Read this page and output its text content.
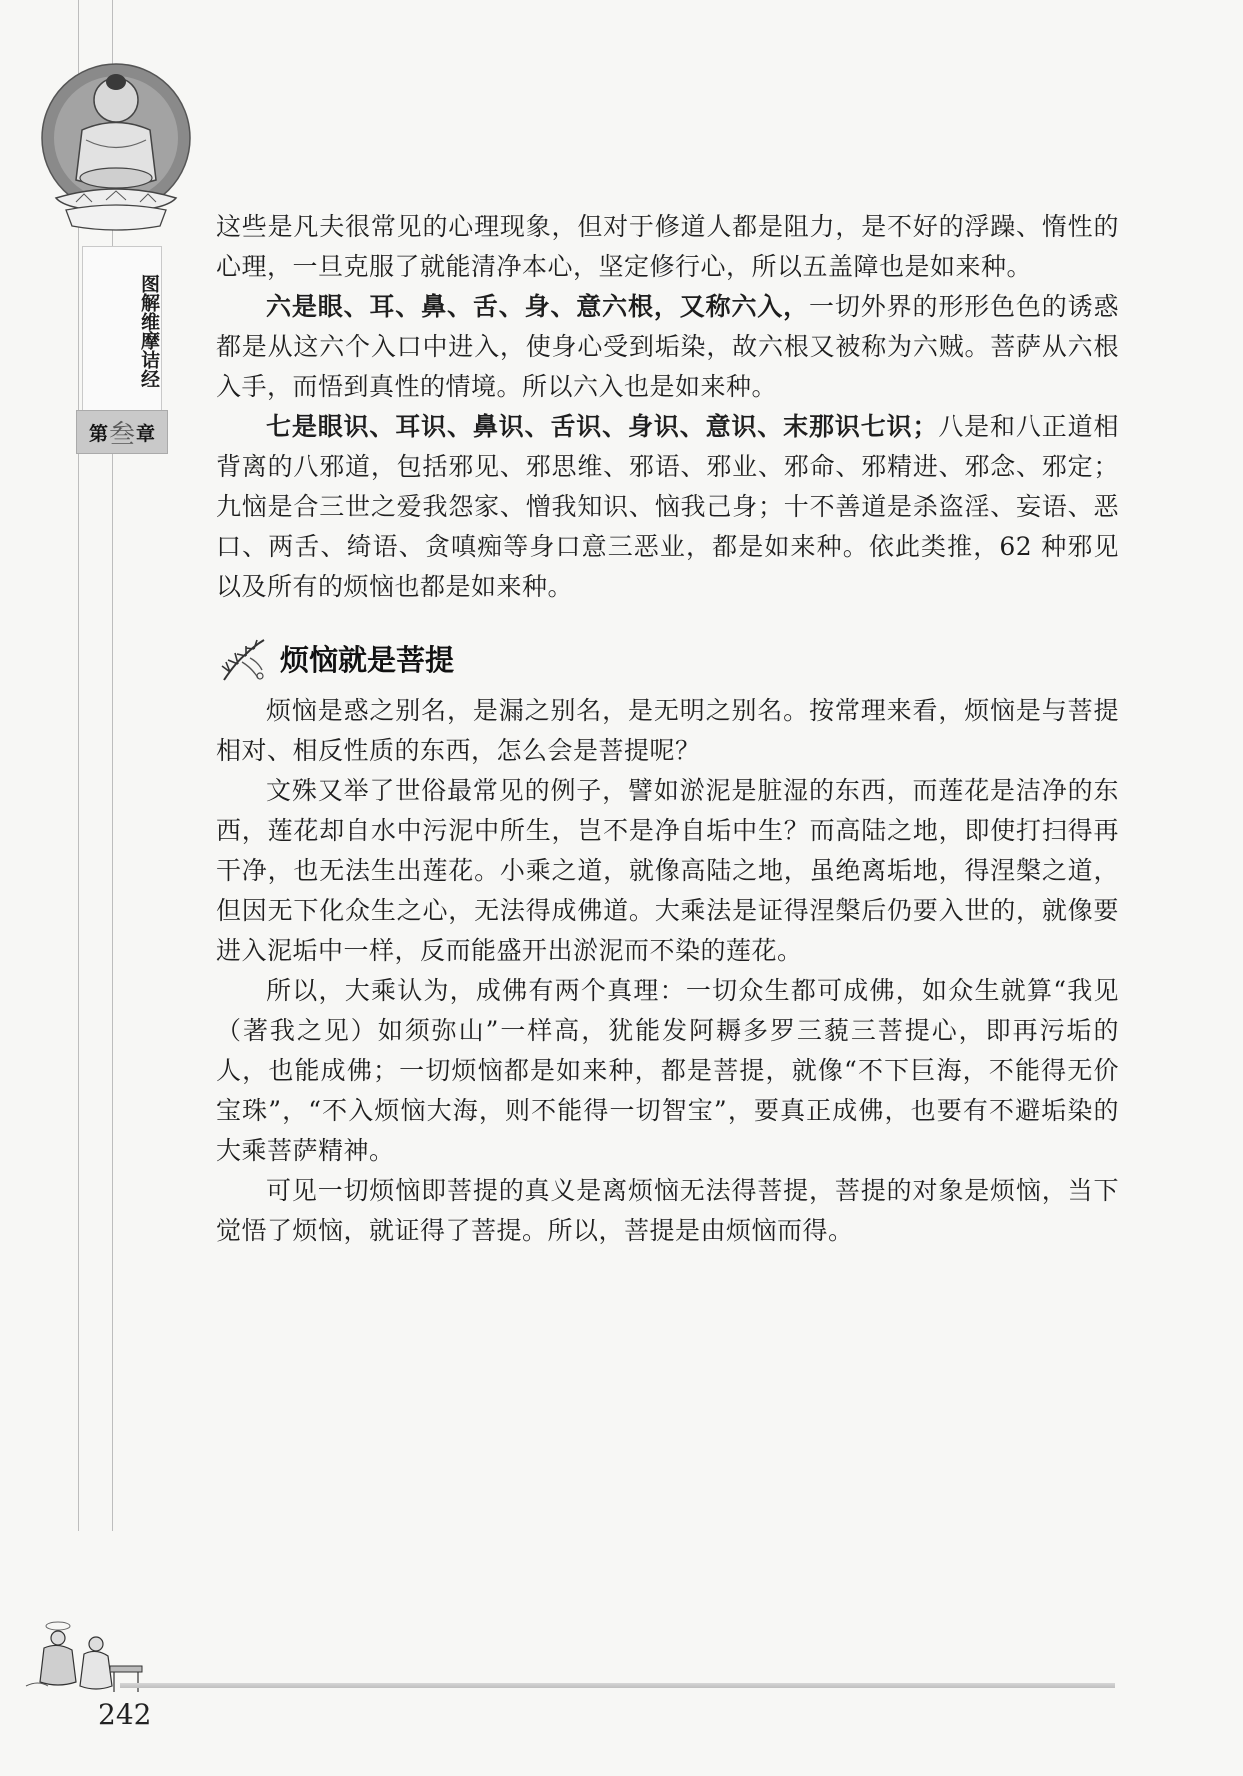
图解维摩诘经
第 叁 章

这些是凡夫很常见的心理现象，但对于修道人都是阻力，是不好的浮躁、惰性的心理，一旦克服了就能清净本心，坚定修行心，所以五盖障也是如来种。

六是眼、耳、鼻、舌、身、意六根，又称六入，一切外界的形形色色的诱惑都是从这六个入口中进入，使身心受到垢染，故六根又被称为六贼。菩萨从六根入手，而悟到真性的情境。所以六入也是如来种。

七是眼识、耳识、鼻识、舌识、身识、意识、末那识七识；八是和八正道相背离的八邪道，包括邪见、邪思维、邪语、邪业、邪命、邪精进、邪念、邪定；九恼是合三世之爱我怨家、憎我知识、恼我己身；十不善道是杀盗淫、妄语、恶口、两舌、绮语、贪嗔痴等身口意三恶业，都是如来种。依此类推，62 种邪见以及所有的烦恼也都是如来种。

烦恼就是菩提

烦恼是惑之别名，是漏之别名，是无明之别名。按常理来看，烦恼是与菩提相对、相反性质的东西，怎么会是菩提呢？

文殊又举了世俗最常见的例子，譬如淤泥是脏湿的东西，而莲花是洁净的东西，莲花却自水中污泥中所生，岂不是净自垢中生？而高陆之地，即使打扫得再干净，也无法生出莲花。小乘之道，就像高陆之地，虽绝离垢地，得涅槃之道，但因无下化众生之心，无法得成佛道。大乘法是证得涅槃后仍要入世的，就像要进入泥垢中一样，反而能盛开出淤泥而不染的莲花。

所以，大乘认为，成佛有两个真理：一切众生都可成佛，如众生就算“我见（著我之见）如须弥山”一样高，犹能发阿耨多罗三藐三菩提心，即再污垢的人，也能成佛；一切烦恼都是如来种，都是菩提，就像“不下巨海，不能得无价宝珠”，“不入烦恼大海，则不能得一切智宝”，要真正成佛，也要有不避垢染的大乘菩萨精神。

可见一切烦恼即菩提的真义是离烦恼无法得菩提，菩提的对象是烦恼，当下觉悟了烦恼，就证得了菩提。所以，菩提是由烦恼而得。

242
